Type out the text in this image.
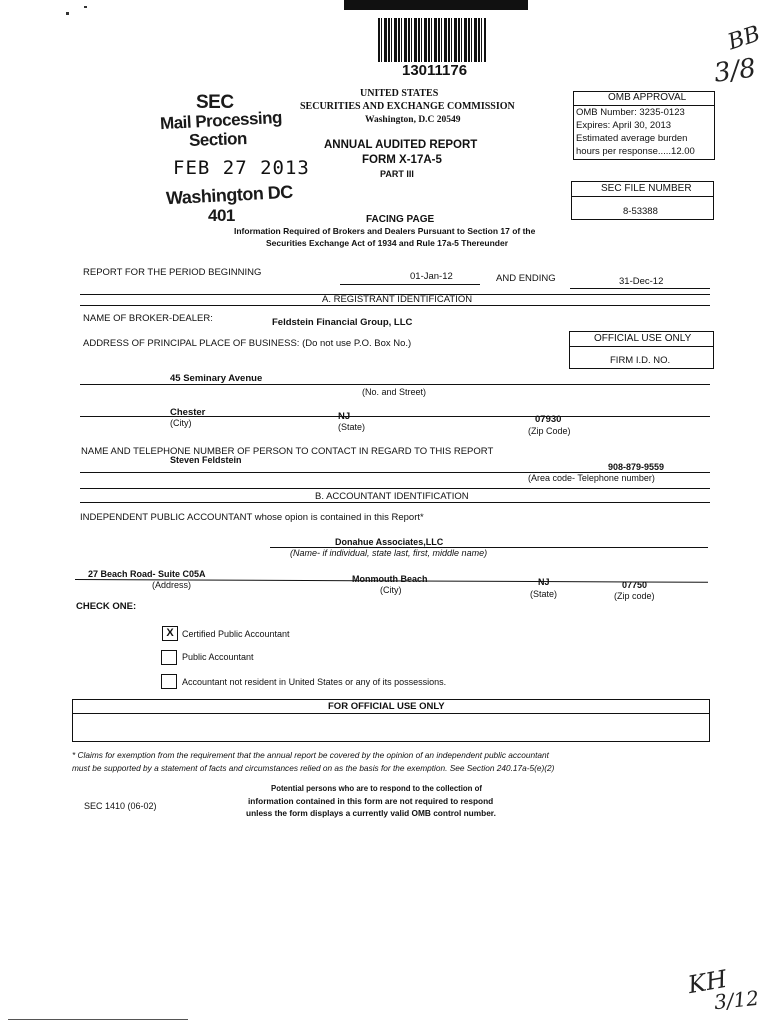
13011176
UNITED STATES
SECURITIES AND EXCHANGE COMMISSION
Washington, D.C 20549
ANNUAL AUDITED REPORT
FORM X-17A-5
PART III
SEC
Mail Processing
Section
FEB 27 2013
Washington DC
401
OMB APPROVAL
OMB Number: 3235-0123
Expires: April 30, 2013
Estimated average burden
hours per response.....12.00
SEC FILE NUMBER
8-53388
BB
3/8
FACING PAGE
Information Required of Brokers and Dealers Pursuant to Section 17 of the
Securities Exchange Act of 1934 and Rule 17a-5 Thereunder
REPORT FOR THE PERIOD BEGINNING	01-Jan-12	AND ENDING	31-Dec-12
A. REGISTRANT IDENTIFICATION
NAME OF BROKER-DEALER:	Feldstein Financial Group, LLC
ADDRESS OF PRINCIPAL PLACE OF BUSINESS: (Do not use P.O. Box No.)	OFFICIAL USE ONLY
FIRM I.D. NO.
45 Seminary Avenue
(No. and Street)
Chester
(City)
NJ
(State)
07930
(Zip Code)
NAME AND TELEPHONE NUMBER OF PERSON TO CONTACT IN REGARD TO THIS REPORT
Steven Feldstein
908-879-9559
(Area code- Telephone number)
B. ACCOUNTANT IDENTIFICATION
INDEPENDENT PUBLIC ACCOUNTANT whose opion is contained in this Report*
Donahue Associates,LLC
(Name- if individual, state last, first, middle name)
27 Beach Road- Suite C05A
(Address)
Monmouth Beach
(City)
NJ
(State)
07750
(Zip code)
CHECK ONE:
X Certified Public Accountant
Public Accountant
Accountant not resident in United States or any of its possessions.
FOR OFFICIAL USE ONLY
* Claims for exemption from the requirement that the annual report be covered by the opinion of an independent public accountant
must be supported by a statement of facts and circumstances relied on as the basis for the exemption. See Section 240.17a-5(e)(2)
Potential persons who are to respond to the collection of
information contained in this form are not required to respond
unless the form displays a currently valid OMB control number.
SEC 1410 (06-02)
KH
3/12
